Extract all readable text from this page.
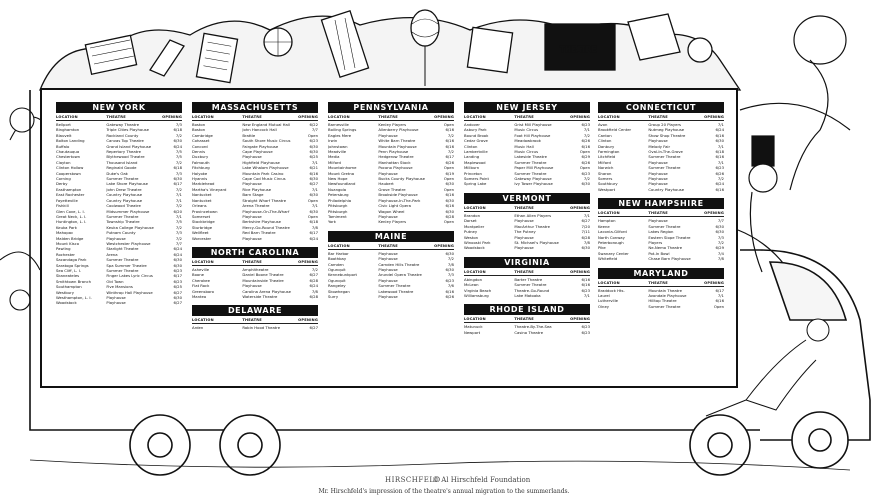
THEATRE
NEW YORK
LOCATION	THEATRE	OPENING
Bellport	Gateway Theatre	7/3
Binghamton	Triple Cities Playhouse	6/18
Blauvelt	Rockland County	7/2
Bolton Landing	Canvas Top Theatre	6/30
Buffalo	Grand Island Playhouse	6/24
Chautauqua	Repertory Theatre	7/5
Chestertown	Blythewood Theatre	7/5
Clayton	Thousand Island	7/2
Clinton Hollow	Reginald Goode	6/18
Cooperstown	Duke's Oak	7/3
Corning	Summer Theatre	6/30
Derby	Lake Shore Playhouse	6/17
Easthampton	John Drew Theatre	7/2
East Rochester	Country Playhouse	7/1
Fayetteville	Country Playhouse	7/1
Fishkill	Coolwood Theatre	7/2
Glen Cove, L. I.	Midsummer Playhouse	6/20
Great Neck, L. I.	Summer Theatre	7/1
Huntington, L. I.	Township Theatre	7/5
Keuka Park	Keuka College Playhouse	7/2
Mahopac	Putnam County	7/3
Malden Bridge	Playhouse	7/2
Mount Kisco	Westchester Playhouse	7/7
Pawling	Starlight Theatre	6/24
Rochester	Arena	6/24
Sacandaga Park	Summer Theatre	6/30
Saratoga Springs	Spa Summer Theatre	6/30
Sea Cliff, L. I.	Summer Theatre	6/23
Skaneateles	Finger Lakes Lyric Circus	6/17
Smithtown Branch	Old Town	6/23
Southampton	Five Mansions	6/25
Westbury	Winthrop Hall Playhouse	6/27
Westhampton, L. I.	Playhouse	6/30
Woodstock	Playhouse	6/27
MASSACHUSETTS
LOCATION	THEATRE	OPENING
Boston	New England Mutual Hall	6/22
Boston	John Hancock Hall	7/7
Cambridge	Brattle	Open
Cohasset	South Shore Music Circus	6/23
Concord	Fairgate Playhouse	6/30
Dennis	Cape Playhouse	6/30
Duxbury	Playhouse	6/25
Falmouth	Highfield Playhouse	7/1
Fitchburg	Lake Whalom Playhouse	6/21
Holyoke	Mountain Park Casino	6/16
Hyannis	Cape Cod Music Circus	6/30
Marblehead	Playhouse	6/27
Martha's Vineyard	Rice Playhouse	7/1
Nantucket	Barn Stage	6/30
Nantucket	Straight Wharf Theatre	Open
Orleans	Arena Theatre	7/1
Provincetown	Playhouse-On-The-Wharf	6/30
Somerset	Playhouse	Open
Stockbridge	Berkshire Playhouse	6/18
Sturbridge	Mercy-Go-Round Theatre	7/8
Wellfleet	Red Barn Theatre	6/17
Worcester	Playhouse	6/24
NORTH CAROLINA
LOCATION	THEATRE	OPENING
Asheville	Amphitheatre	7/2
Boone	Daniel Boone Theatre	6/27
Cherokee	Mountainside Theatre	6/28
Flat Rock	Playhouse	6/24
Greensboro	Carolina Arena Playhouse	7/8
Manteo	Waterside Theatre	6/28
DELAWARE
LOCATION	THEATRE	OPENING
Arden	Robin Hood Theatre	6/27
PENNSYLVANIA
LOCATION	THEATRE	OPENING
Barnesville	Kenley Players	Open
Boiling Springs	Allenberry Playhouse	6/16
Eagles Mere	Playhouse	7/2
Irwin	White Barn Theatre	6/16
Johnstown	Mountain Playhouse	6/16
Meadville	Penn Playhouse	7/2
Media	Hedgerow Theatre	6/17
Milford	Manhattan Stock	6/26
Mountainhome	Pocono Playhouse	Open
Mount Gretna	Playhouse	6/19
New Hope	Bucks County Playhouse	Open
Newfoundland	Haubert	6/30
Nuangola	Grove Theatre	Open
Petersburg	Brookside Playhouse	6/16
Philadelphia	Playhouse-In-The-Park	6/30
Pittsburgh	Civic Light Opera	6/16
Pittsburgh	Wagon Wheel	6/30
Tamiment	Playhouse	6/28
York	Kenley Players	Open
MAINE
LOCATION	THEATRE	OPENING
Bar Harbor	Playhouse	6/30
Boothbay	Playhouse	7/2
Camden	Camden Hills Theatre	7/8
Ogunquit	Playhouse	6/30
Kennebunkport	Arundel Opera Theatre	7/3
Ogunquit	Playhouse	6/23
Rangeley	Summer Theatre	7/6
Skowhegan	Lakewood Theatre	6/16
Surry	Playhouse	6/26
NEW JERSEY
LOCATION	THEATRE	OPENING
Andover	Grist Mill Playhouse	6/23
Asbury Park	Music Circus	7/1
Bound Brook	Foot Hill Playhouse	7/2
Cedar Grove	Meadowbrook	6/26
Clinton	Music Hall	6/16
Lambertville	Music Circus	Open
Landing	Lakeside Theatre	6/29
Maplewood	Summer Theatre	6/26
Millburn	Paper Mill Playhouse	Open
Princeton	Summer Theatre	6/23
Somers Point	Gateway Playhouse	7/2
Spring Lake	Ivy Tower Playhouse	6/30
VERMONT
LOCATION	THEATRE	OPENING
Brandon	Ethan Allen Players	7/1
Dorset	Playhouse	6/27
Montpelier	MacArthur Theatre	7/20
Putney	The Putney	7/11
Weston	Playhouse	6/28
Winooski Park	St. Michael's Playhouse	7/8
Woodstock	Playhouse	6/30
VIRGINIA
LOCATION	THEATRE	OPENING
Abingdon	Barter Theatre	6/16
McLean	Summer Theatre	6/16
Virginia Beach	Theatre-Go-Round	6/23
Williamsburg	Lake Matoaka	7/1
RHODE ISLAND
LOCATION	THEATRE	OPENING
Matunuck	Theatre-By-The-Sea	6/23
Newport	Casino Theatre	6/23
CONNECTICUT
LOCATION	THEATRE	OPENING
Avon	Group 20 Players	7/1
Brookfield Center	Nutmeg Playhouse	6/24
Canton	Show Shop Theatre	6/16
Clinton	Playhouse	6/30
Danbury	Melody Fair	7/1
Farmington	Oval-In-The-Grove	6/18
Litchfield	Summer Theatre	6/16
Milford	Playhouse	7/1
Norwich	Summer Theatre	6/23
Sharon	Playhouse	6/26
Somers	Playhouse	7/2
Southbury	Playhouse	6/24
Westport	Country Playhouse	6/16
NEW HAMPSHIRE
LOCATION	THEATRE	OPENING
Hampton	Playhouse	7/7
Keene	Summer Theatre	6/30
Laconia-Gilford	Lakes Region	6/30
North Conway	Eastern Slope Theatre	7/3
Peterborough	Players	7/2
Pike	Ne-Nemo Theatre	6/29
Swanzey Center	Pot-In Bowl	7/4
Whitefield	Chase Barn Playhouse	7/8
MARYLAND
LOCATION	THEATRE	OPENING
Braddock Hts.	Mountain Theatre	6/17
Laurel	Avondale Playhouse	7/1
Lutherville	Hilltop Theatre	6/16
Olney	Summer Theatre	Open
HIRSCHFELD
© Al Hirschfeld Foundation
Mr. Hirschfeld's impression of the theatre's annual migration to the summerlands.
